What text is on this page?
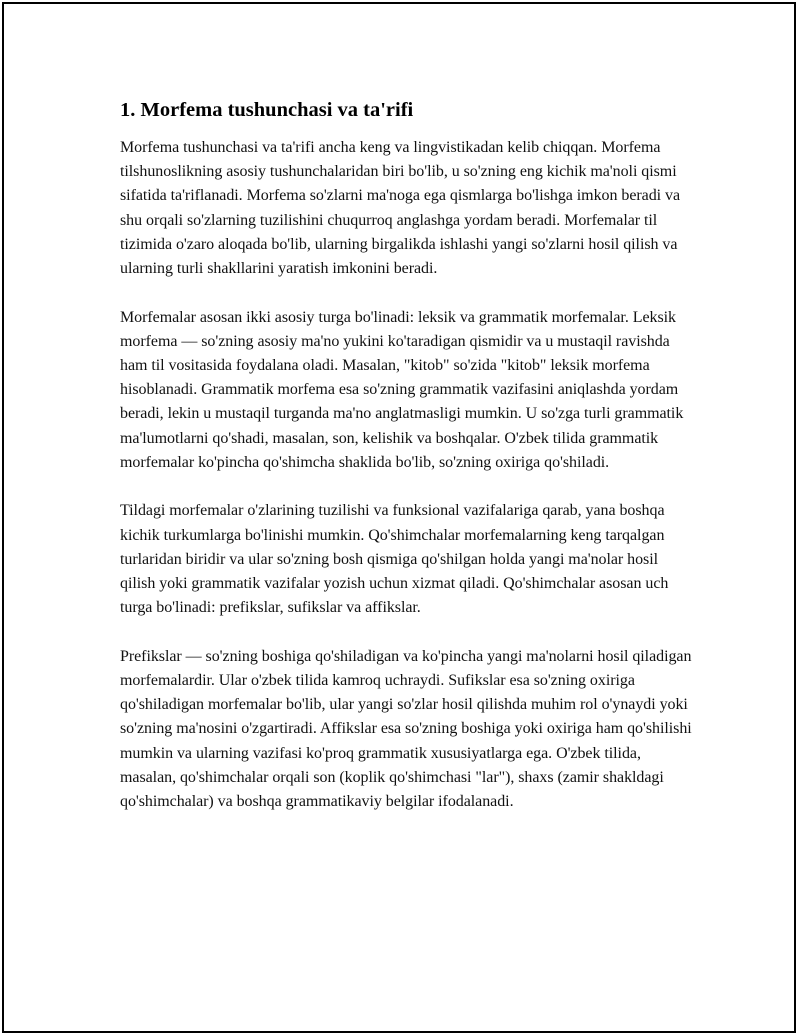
1. Morfema tushunchasi va ta'rifi

Morfema tushunchasi va ta'rifi ancha keng va lingvistikadan kelib chiqqan. Morfema tilshunoslikning asosiy tushunchalaridan biri bo'lib, u so'zning eng kichik ma'noli qismi sifatida ta'riflanadi. Morfema so'zlarni ma'noga ega qismlarga bo'lishga imkon beradi va shu orqali so'zlarning tuzilishini chuqurroq anglashga yordam beradi. Morfemalar til tizimida o'zaro aloqada bo'lib, ularning birgalikda ishlashi yangi so'zlarni hosil qilish va ularning turli shakllarini yaratish imkonini beradi.

Morfemalar asosan ikki asosiy turga bo'linadi: leksik va grammatik morfemalar. Leksik morfema — so'zning asosiy ma'no yukini ko'taradigan qismidir va u mustaqil ravishda ham til vositasida foydalana oladi. Masalan, "kitob" so'zida "kitob" leksik morfema hisoblanadi. Grammatik morfema esa so'zning grammatik vazifasini aniqlashda yordam beradi, lekin u mustaqil turganda ma'no anglatmasligi mumkin. U so'zga turli grammatik ma'lumotlarni qo'shadi, masalan, son, kelishik va boshqalar. O'zbek tilida grammatik morfemalar ko'pincha qo'shimcha shaklida bo'lib, so'zning oxiriga qo'shiladi.

Tildagi morfemalar o'zlarining tuzilishi va funksional vazifalariga qarab, yana boshqa kichik turkumlarga bo'linishi mumkin. Qo'shimchalar morfemalarning keng tarqalgan turlaridan biridir va ular so'zning bosh qismiga qo'shilgan holda yangi ma'nolar hosil qilish yoki grammatik vazifalar yozish uchun xizmat qiladi. Qo'shimchalar asosan uch turga bo'linadi: prefikslar, sufikslar va affikslar.

Prefikslar — so'zning boshiga qo'shiladigan va ko'pincha yangi ma'nolarni hosil qiladigan morfemalardir. Ular o'zbek tilida kamroq uchraydi. Sufikslar esa so'zning oxiriga qo'shiladigan morfemalar bo'lib, ular yangi so'zlar hosil qilishda muhim rol o'ynaydi yoki so'zning ma'nosini o'zgartiradi. Affikslar esa so'zning boshiga yoki oxiriga ham qo'shilishi mumkin va ularning vazifasi ko'proq grammatik xususiyatlarga ega. O'zbek tilida, masalan, qo'shimchalar orqali son (koplik qo'shimchasi "lar"), shaxs (zamir shakldagi qo'shimchalar) va boshqa grammatikaviy belgilar ifodalanadi.
